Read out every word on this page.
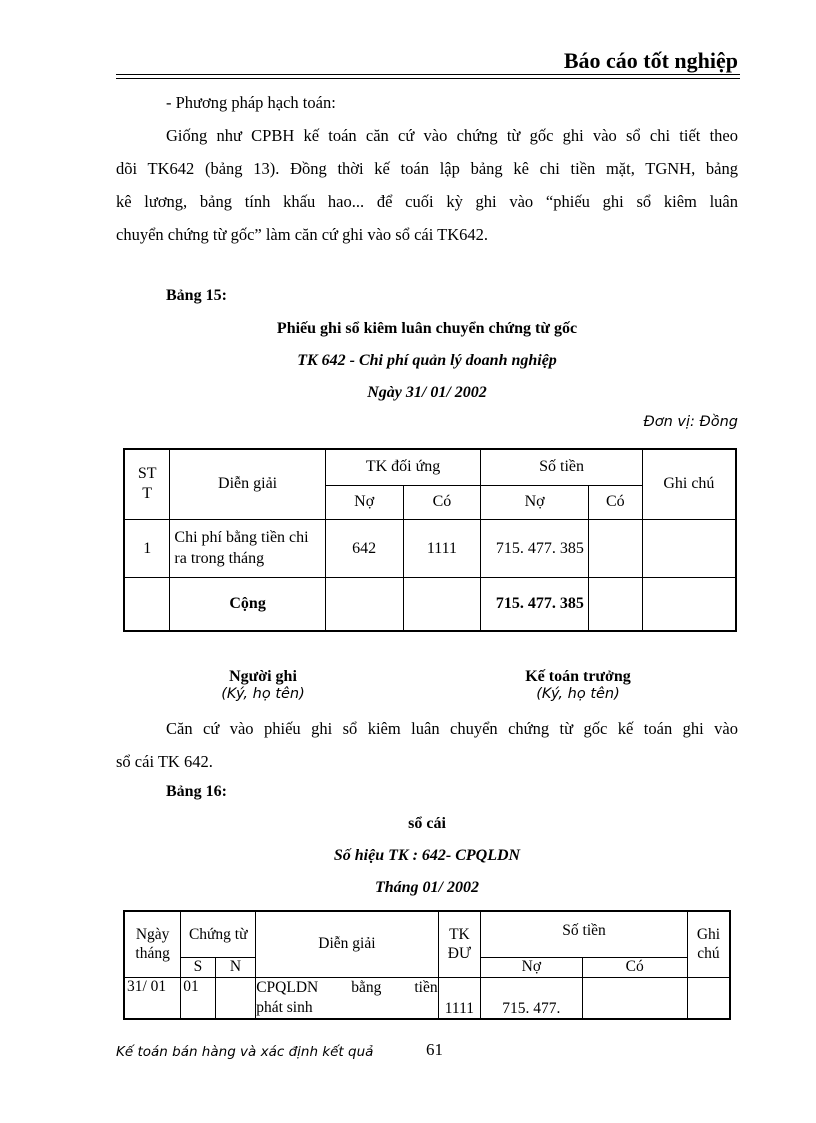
Báo cáo tốt nghiệp

- Phương pháp hạch toán:

Giống như CPBH kế toán căn cứ vào chứng từ gốc ghi vào sổ chi tiết theo

dõi TK642 (bảng 13). Đồng thời kế toán lập bảng kê chi tiền mặt, TGNH, bảng

kê lương, bảng tính khấu hao... để cuối kỳ ghi vào “phiếu ghi sổ kiêm luân

chuyển chứng từ gốc” làm căn cứ ghi vào sổ cái TK642.

Bảng 15:
Phiếu ghi sổ kiêm luân chuyển chứng từ gốc
TK 642 - Chi phí quản lý doanh nghiệp
Ngày 31/ 01/ 2002
Đơn vị: Đồng
ST
T	Diễn giải	TK đối ứng		Số tiền		Ghi chú
		Nợ	Có	Nợ	Có	
1	Chi phí bằng tiền chi ra trong tháng	642	1111	715. 477. 385		
	Cộng			715. 477. 385		
Người ghi
(Ký, họ tên)
Kế toán trưởng
(Ký, họ tên)

Căn cứ vào phiếu ghi sổ kiêm luân chuyển chứng từ gốc kế toán ghi vào

sổ cái TK 642.

Bảng 16:
sổ cái
Số hiệu TK : 642- CPQLDN
Tháng 01/ 2002
Ngày tháng	Chứng từ		Diễn giải	TK ĐƯ	Số tiền		Ghi chú
	S	N			Nợ	Có	
31/ 01	01		CPQLDN bằng tiền
phát sinh	1111	715. 477.		
Kế toán bán hàng và xác định kết quả	61
